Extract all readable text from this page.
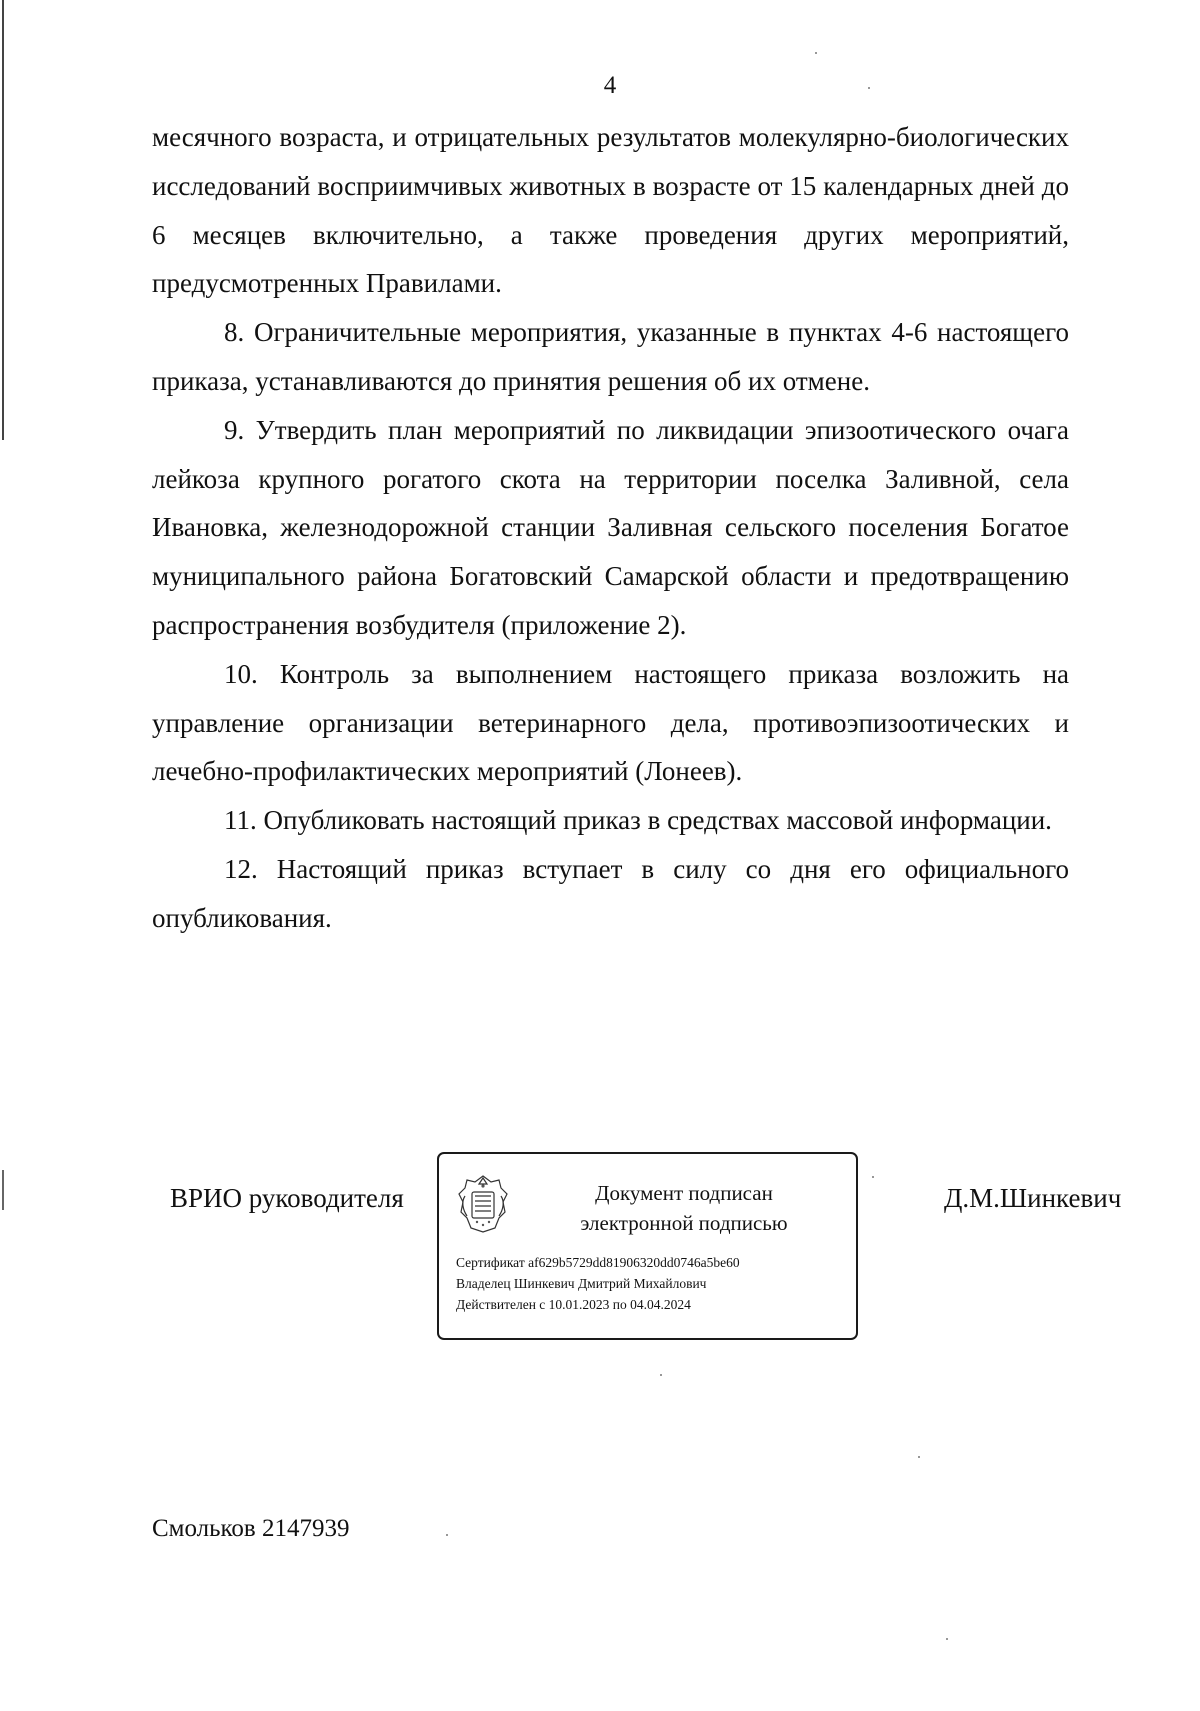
4

месячного возраста, и отрицательных результатов молекулярно-биологических исследований восприимчивых животных в возрасте от 15 календарных дней до 6 месяцев включительно, а также проведения других мероприятий, предусмотренных Правилами.

8. Ограничительные мероприятия, указанные в пунктах 4-6 настоящего приказа, устанавливаются до принятия решения об их отмене.

9. Утвердить план мероприятий по ликвидации эпизоотического очага лейкоза крупного рогатого скота на территории поселка Заливной, села Ивановка, железнодорожной станции Заливная сельского поселения Богатое муниципального района Богатовский Самарской области и предотвращению распространения возбудителя (приложение 2).

10. Контроль за выполнением настоящего приказа возложить на управление организации ветеринарного дела, противоэпизоотических и лечебно-профилактических мероприятий (Лонеев).

11. Опубликовать настоящий приказ в средствах массовой информации.

12. Настоящий приказ вступает в силу со дня его официального опубликования.

ВРИО руководителя	Документ подписан
электронной подписью
Сертификат af629b5729dd81906320dd0746a5be60
Владелец Шинкевич Дмитрий Михайлович
Действителен с 10.01.2023 по 04.04.2024
Д.М.Шинкевич
Смольков 2147939
